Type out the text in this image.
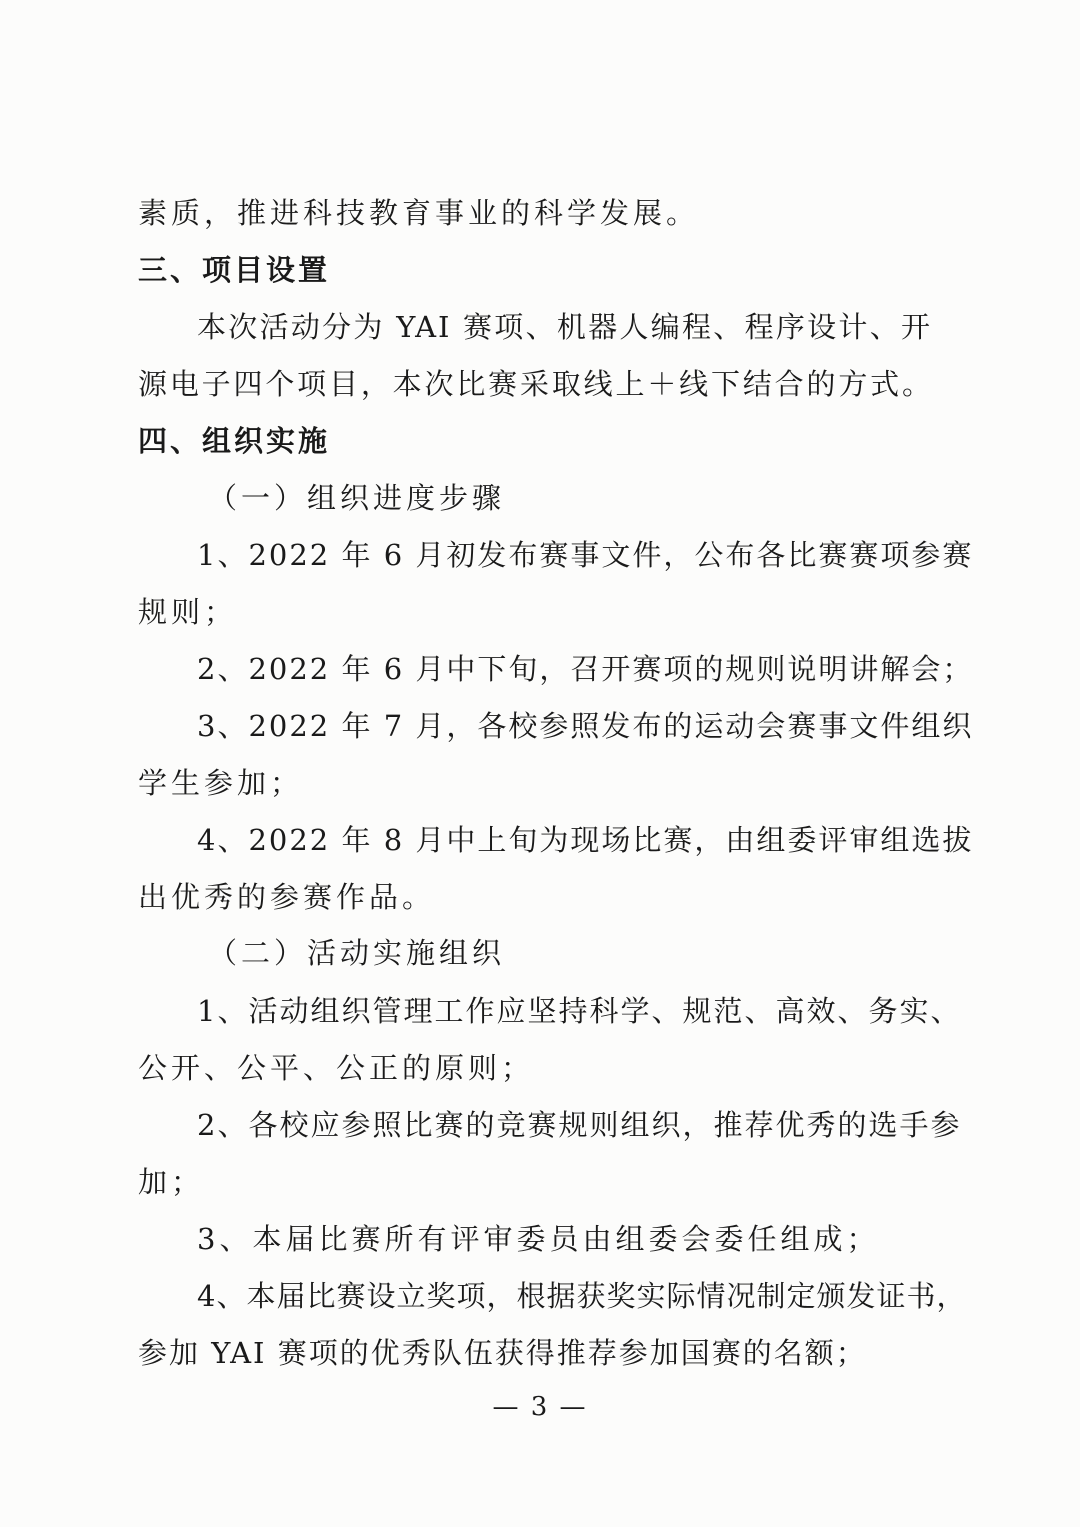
素质，推进科技教育事业的科学发展。
三、项目设置
本次活动分为 YAI 赛项、机器人编程、程序设计、开
源电子四个项目，本次比赛采取线上＋线下结合的方式。
四、组织实施
（一）组织进度步骤
1、2022 年 6 月初发布赛事文件，公布各比赛赛项参赛
规则；
2、2022 年 6 月中下旬，召开赛项的规则说明讲解会；
3、2022 年 7 月，各校参照发布的运动会赛事文件组织
学生参加；
4、2022 年 8 月中上旬为现场比赛，由组委评审组选拔
出优秀的参赛作品。
（二）活动实施组织
1、活动组织管理工作应坚持科学、规范、高效、务实、
公开、公平、公正的原则；
2、各校应参照比赛的竞赛规则组织，推荐优秀的选手参
加；
3、本届比赛所有评审委员由组委会委任组成；
4、本届比赛设立奖项，根据获奖实际情况制定颁发证书，
参加 YAI 赛项的优秀队伍获得推荐参加国赛的名额；
— 3 —
